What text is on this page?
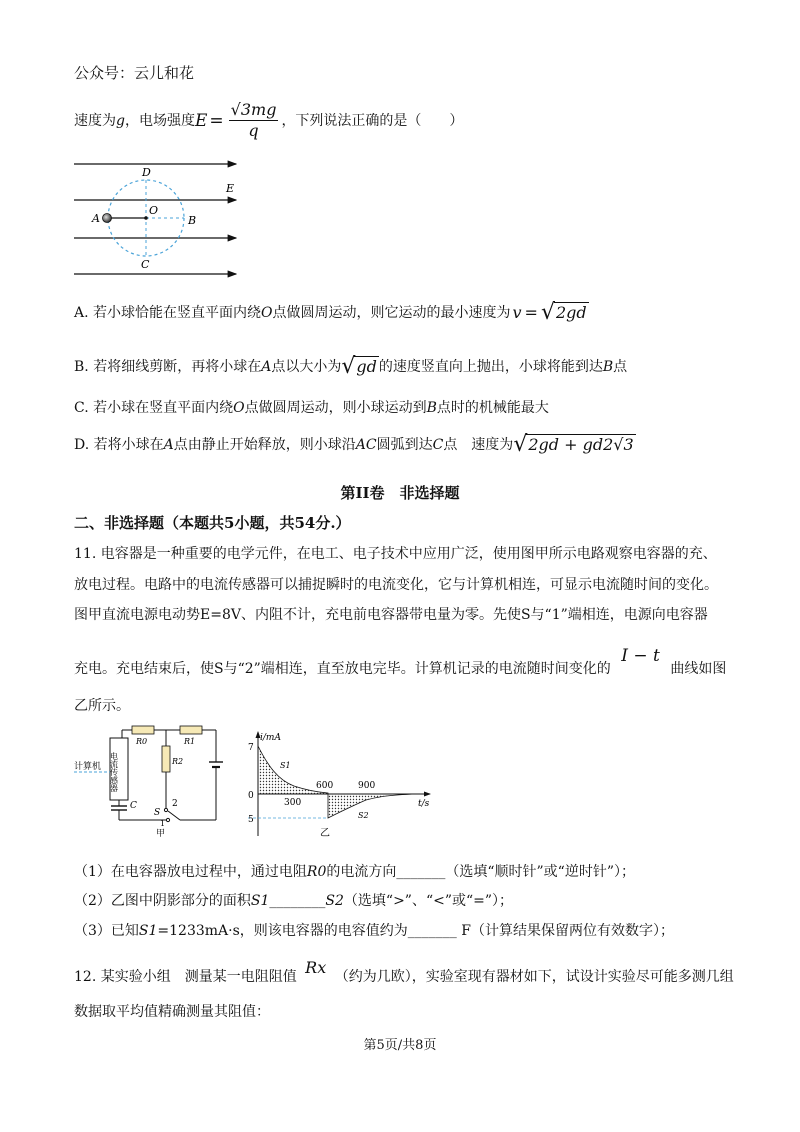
公众号：云儿和花
速度为 g ，电场强度 $E = \frac{√3mg}{q}$ ，下列说法正确的是（　　）
D
E
A
O
B
C
A. 若小球恰能在竖直平面内绕 O 点做圆周运动，则它运动的最小速度为 v = √ 2gd
B. 若将细线剪断，再将小球在 A 点以大小为 √ gd 的速度竖直向上抛出，小球将能到达 B 点
C. 若小球在竖直平面内绕O点做圆周运动，则小球运动到B点时的机械能最大
D. 若将小球在 A 点由静止开始释放，则小球沿 AC 圆弧到达 C 点　速度为 √ 2gd + gd2√3
第II卷　非选择题
二、非选择题（本题共5小题，共54分.）
11. 电容器是一种重要的电学元件，在电工、电子技术中应用广泛，使用图甲所示电路观察电容器的充、
放电过程。电路中的电流传感器可以捕捉瞬时的电流变化，它与计算机相连，可显示电流随时间的变化。
图甲直流电源电动势E=8V、内阻不计，充电前电容器带电量为零。先使S与“1”端相连，电源向电容器
充电。充电结束后，使S与“2”端相连，直至放电完毕。计算机记录的电流随时间变化的 I − t 曲线如图
乙所示。
计算机 电流传感器
R0	R1
R2
C
S
1
2
甲
i/mA
t/s
7
0
5
300
600	900
S1
S2
乙
（1）在电容器放电过程中，通过电阻R0的电流方向_______（选填“顺时针”或“逆时针”）；
（2）乙图中阴影部分的面积S1________S2（选填“>”、“<”或“=”）；
（3）已知S1=1233mA·s，则该电容器的电容值约为_______ F（计算结果保留两位有效数字）；
12. 某实验小组　测量某一电阻阻值 Rx （约为几欧），实验室现有器材如下，试设计实验尽可能多测几组
数据取平均值精确测量其阻值：
第5页/共8页
